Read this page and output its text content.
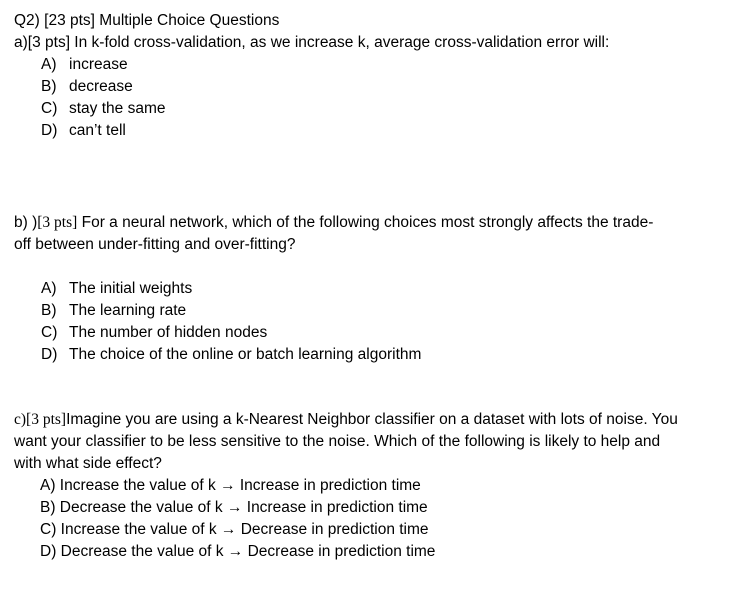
Q2) [23 pts] Multiple Choice Questions
a)[3 pts] In k-fold cross-validation, as we increase k, average cross-validation error will:
A) increase
B) decrease
C) stay the same
D) can’t tell
b) )[3 pts] For a neural network, which of the following choices most strongly affects the trade-
off between under-fitting and over-fitting?
A) The initial weights
B) The learning rate
C) The number of hidden nodes
D) The choice of the online or batch learning algorithm
c)[3 pts]Imagine you are using a k-Nearest Neighbor classifier on a dataset with lots of noise. You
want your classifier to be less sensitive to the noise. Which of the following is likely to help and
with what side effect?
A) Increase the value of k → Increase in prediction time
B) Decrease the value of k → Increase in prediction time
C) Increase the value of k → Decrease in prediction time
D) Decrease the value of k → Decrease in prediction time
